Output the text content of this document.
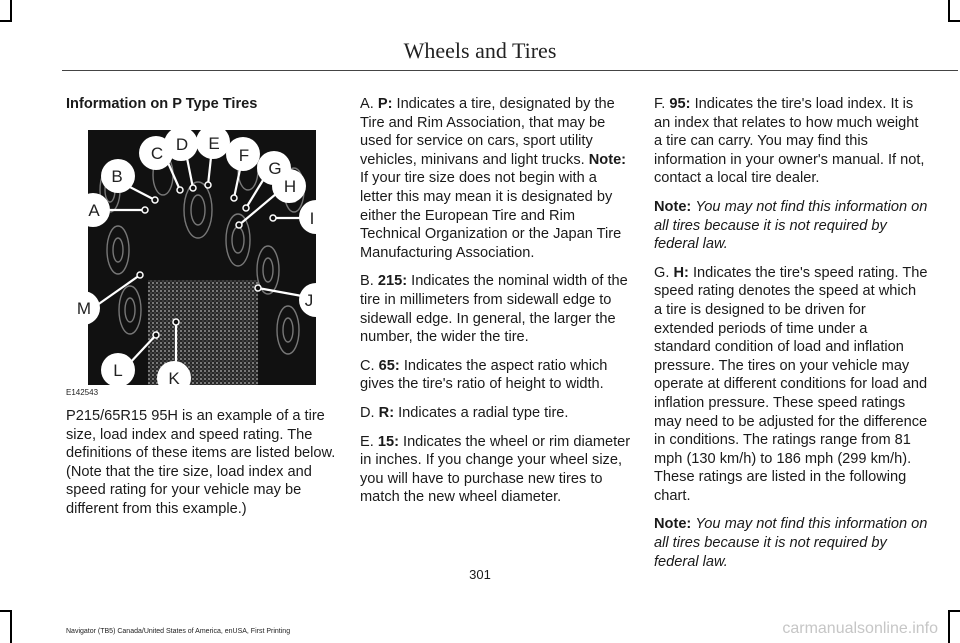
Wheels and Tires

Information on P Type Tires

A
B
C D E
F
G
H
I
J
K
L
M
E142543
P215/65R15 95H is an example of a tire size, load index and speed rating. The definitions of these items are listed below. (Note that the tire size, load index and speed rating for your vehicle may be different from this example.)

A. P: Indicates a tire, designated by the Tire and Rim Association, that may be used for service on cars, sport utility vehicles, minivans and light trucks. Note: If your tire size does not begin with a letter this may mean it is designated by either the European Tire and Rim Technical Organization or the Japan Tire Manufacturing Association.

B. 215: Indicates the nominal width of the tire in millimeters from sidewall edge to sidewall edge. In general, the larger the number, the wider the tire.

C. 65: Indicates the aspect ratio which gives the tire's ratio of height to width.

D. R: Indicates a radial type tire.

E. 15: Indicates the wheel or rim diameter in inches. If you change your wheel size, you will have to purchase new tires to match the new wheel diameter.

F. 95: Indicates the tire's load index. It is an index that relates to how much weight a tire can carry. You may find this information in your owner's manual. If not, contact a local tire dealer.

Note: You may not find this information on all tires because it is not required by federal law.

G. H: Indicates the tire's speed rating. The speed rating denotes the speed at which a tire is designed to be driven for extended periods of time under a standard condition of load and inflation pressure. The tires on your vehicle may operate at different conditions for load and inflation pressure. These speed ratings may need to be adjusted for the difference in conditions. The ratings range from 81 mph (130 km/h) to 186 mph (299 km/h). These ratings are listed in the following chart.

Note: You may not find this information on all tires because it is not required by federal law.

301
Navigator (TB5) Canada/United States of America, enUSA, First Printing	carmanualsonline.info
